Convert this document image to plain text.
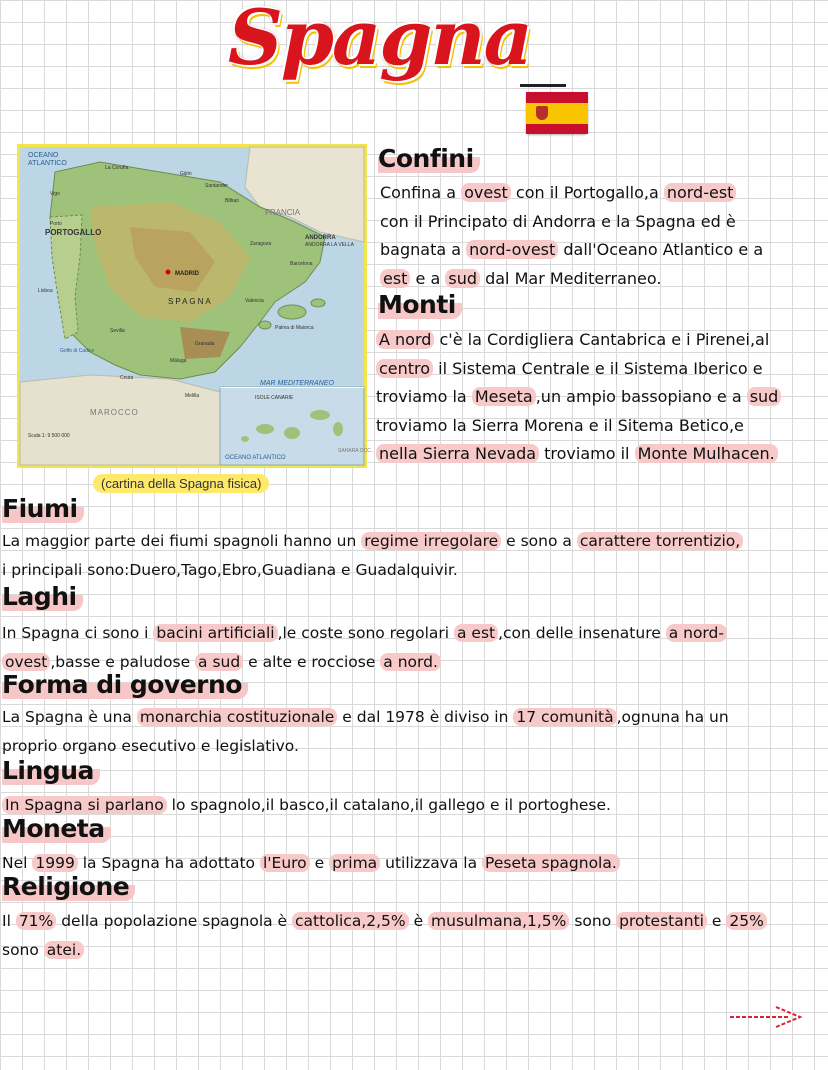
Spagna
OCEANO
ATLANTICO
PORTOGALLO
FRANCIA
ANDORRA
ANDORRA LA VELLA
MADRID
SPAGNA
MAR MEDITERRANEO
MAROCCO
ISOLE CANARIE
OCEANO ATLANTICO
SAHARA OCC.
Scala 1: 9 500 000
La Coruña
Gijón
Santander
Bilbao
Vigo
Porto
Lisboa
Sevilla
Golfo di Cadice
Zaragoza
Barcelona
Valencia
Palma di Maiorca
Granada
Málaga
Ceuta
Melilla
(cartina della Spagna fisica)
Confini
Confina a ovest con il Portogallo,a nord-est
con il Principato di Andorra e la Spagna ed è
bagnata a nord-ovest dall'Oceano Atlantico e a
est e a sud dal Mar Mediterraneo.
Monti
A nord c'è la Cordigliera Cantabrica e i Pirenei,al
centro il Sistema Centrale e il Sistema Iberico e
troviamo la Meseta ,un ampio bassopiano e a sud
troviamo la Sierra Morena e il Sitema Betico,e
nella Sierra Nevada troviamo il Monte Mulhacen.
Fiumi
La maggior parte dei fiumi spagnoli hanno un regime irregolare e sono a carattere torrentizio,
i principali sono:Duero,Tago,Ebro,Guadiana e Guadalquivir.
Laghi
In Spagna ci sono i bacini artificiali ,le coste sono regolari a est ,con delle insenature a nord-
ovest ,basse e paludose a sud e alte e rocciose a nord.
Forma di governo
La Spagna è una monarchia costituzionale e dal 1978 è diviso in 17 comunità ,ognuna ha un
proprio organo esecutivo e legislativo.
Lingua
In Spagna si parlano lo spagnolo,il basco,il catalano,il gallego e il portoghese.
Moneta
Nel 1999 la Spagna ha adottato l'Euro e prima utilizzava la Peseta spagnola.
Religione
Il 71% della popolazione spagnola è cattolica,2,5% è musulmana,1,5% sono protestanti e 25%
sono atei.
